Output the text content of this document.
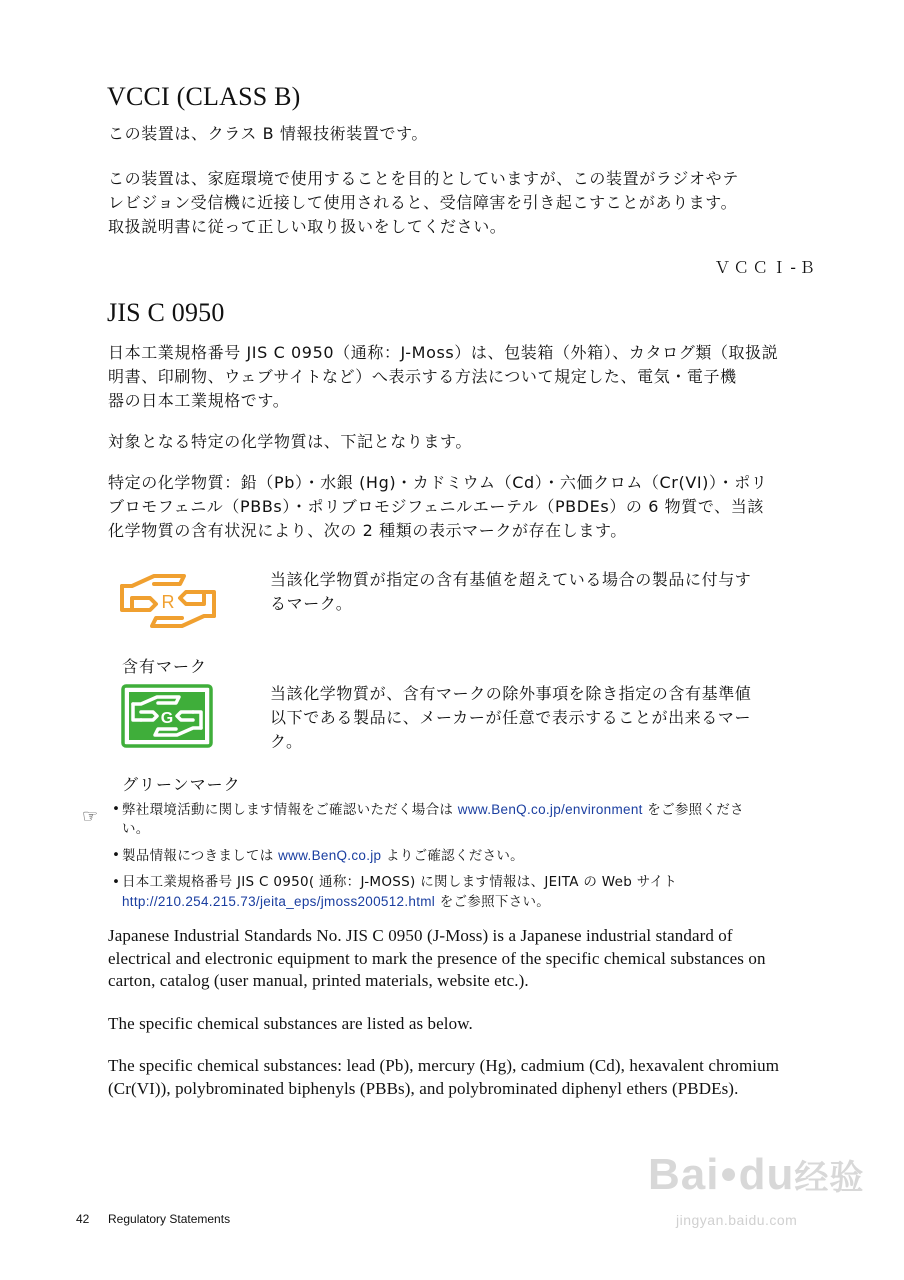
VCCI (CLASS B)

この装置は、クラス B 情報技術装置です。

この装置は、家庭環境で使用することを目的としていますが、この装置がラジオやテ

レビジョン受信機に近接して使用されると、受信障害を引き起こすことがあります。

取扱説明書に従って正しい取り扱いをしてください。

ＶＣＣＩ-Ｂ
JIS C 0950

日本工業規格番号 JIS C 0950（通称：J-Moss）は、包装箱（外箱）、カタログ類（取扱説

明書、印刷物、ウェブサイトなど）へ表示する方法について規定した、電気・電子機

器の日本工業規格です。

対象となる特定の化学物質は、下記となります。

特定の化学物質：鉛（Pb）・水銀 (Hg)・カドミウム（Cd）・六価クロム（Cr(VI)）・ポリ

ブロモフェニル（PBBs）・ポリブロモジフェニルエーテル（PBDEs）の 6 物質で、当該

化学物質の含有状況により、次の 2 種類の表示マークが存在します。

R

当該化学物質が指定の含有基値を超えている場合の製品に付与す

るマーク。

含有マーク
G

当該化学物質が、含有マークの除外事項を除き指定の含有基準値

以下である製品に、メーカーが任意で表示することが出来るマー

ク。

グリーンマーク
☞ • 弊社環境活動に関します情報をご確認いただく場合は www.BenQ.co.jp/environment をご参照くださ
い。
• 製品情報につきましては www.BenQ.co.jp よりご確認ください。
• 日本工業規格番号 JIS C 0950( 通称：J-MOSS) に関します情報は、JEITA の Web サイト
http://210.254.215.73/jeita_eps/jmoss200512.html をご参照下さい。

Japanese Industrial Standards No. JIS C 0950 (J-Moss) is a Japanese industrial standard of

electrical and electronic equipment to mark the presence of the specific chemical substances on

carton, catalog (user manual, printed materials, website etc.).

The specific chemical substances are listed as below.

The specific chemical substances: lead (Pb), mercury (Hg), cadmium (Cd), hexavalent chromium

(Cr(VI)), polybrominated biphenyls (PBBs), and polybrominated diphenyl ethers (PBDEs).

42 Regulatory Statements
Bai●du经验
jingyan.baidu.com
